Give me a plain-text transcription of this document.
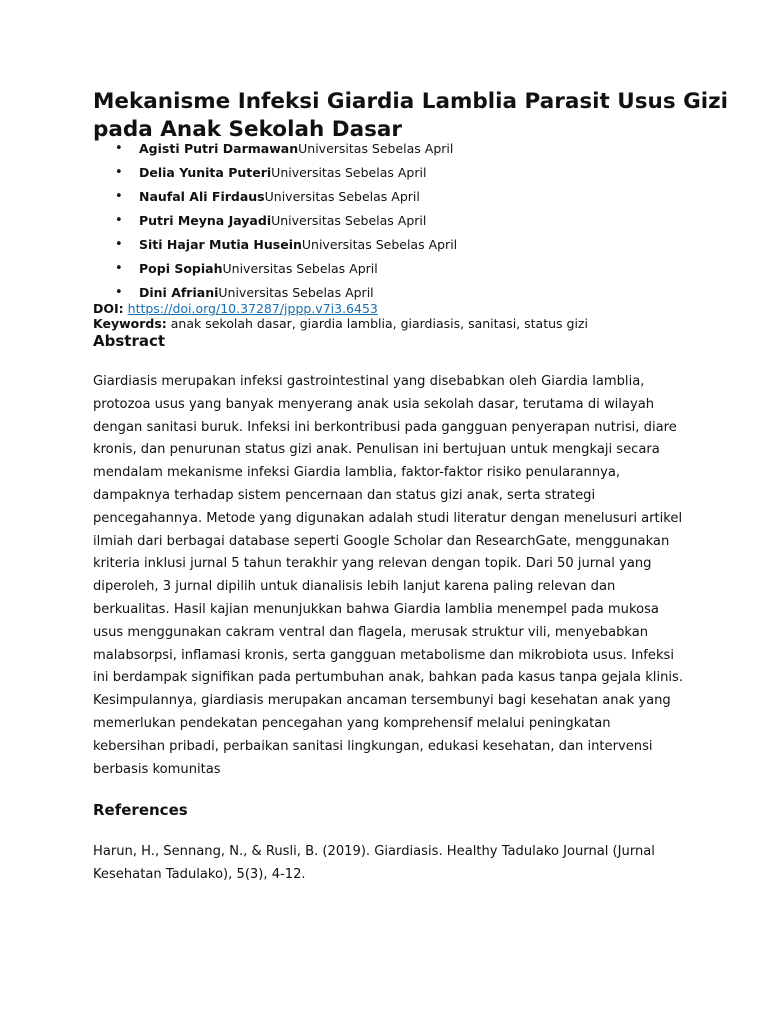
Mekanisme Infeksi Giardia Lamblia Parasit Usus Gizi pada Anak Sekolah Dasar
• Agisti Putri DarmawanUniversitas Sebelas April
• Delia Yunita PuteriUniversitas Sebelas April
• Naufal Ali FirdausUniversitas Sebelas April
• Putri Meyna JayadiUniversitas Sebelas April
• Siti Hajar Mutia HuseinUniversitas Sebelas April
• Popi SopiahUniversitas Sebelas April
• Dini AfrianiUniversitas Sebelas April
DOI: https://doi.org/10.37287/jppp.v7i3.6453
Keywords: anak sekolah dasar, giardia lamblia, giardiasis, sanitasi, status gizi
Abstract

Giardiasis merupakan infeksi gastrointestinal yang disebabkan oleh Giardia lamblia, protozoa usus yang banyak menyerang anak usia sekolah dasar, terutama di wilayah dengan sanitasi buruk. Infeksi ini berkontribusi pada gangguan penyerapan nutrisi, diare kronis, dan penurunan status gizi anak. Penulisan ini bertujuan untuk mengkaji secara mendalam mekanisme infeksi Giardia lamblia, faktor-faktor risiko penularannya, dampaknya terhadap sistem pencernaan dan status gizi anak, serta strategi pencegahannya. Metode yang digunakan adalah studi literatur dengan menelusuri artikel ilmiah dari berbagai database seperti Google Scholar dan ResearchGate, menggunakan kriteria inklusi jurnal 5 tahun terakhir yang relevan dengan topik. Dari 50 jurnal yang diperoleh, 3 jurnal dipilih untuk dianalisis lebih lanjut karena paling relevan dan berkualitas. Hasil kajian menunjukkan bahwa Giardia lamblia menempel pada mukosa usus menggunakan cakram ventral dan flagela, merusak struktur vili, menyebabkan malabsorpsi, inflamasi kronis, serta gangguan metabolisme dan mikrobiota usus. Infeksi ini berdampak signifikan pada pertumbuhan anak, bahkan pada kasus tanpa gejala klinis. Kesimpulannya, giardiasis merupakan ancaman tersembunyi bagi kesehatan anak yang memerlukan pendekatan pencegahan yang komprehensif melalui peningkatan kebersihan pribadi, perbaikan sanitasi lingkungan, edukasi kesehatan, dan intervensi berbasis komunitas

References

Harun, H., Sennang, N., & Rusli, B. (2019). Giardiasis. Healthy Tadulako Journal (Jurnal Kesehatan Tadulako), 5(3), 4-12.
